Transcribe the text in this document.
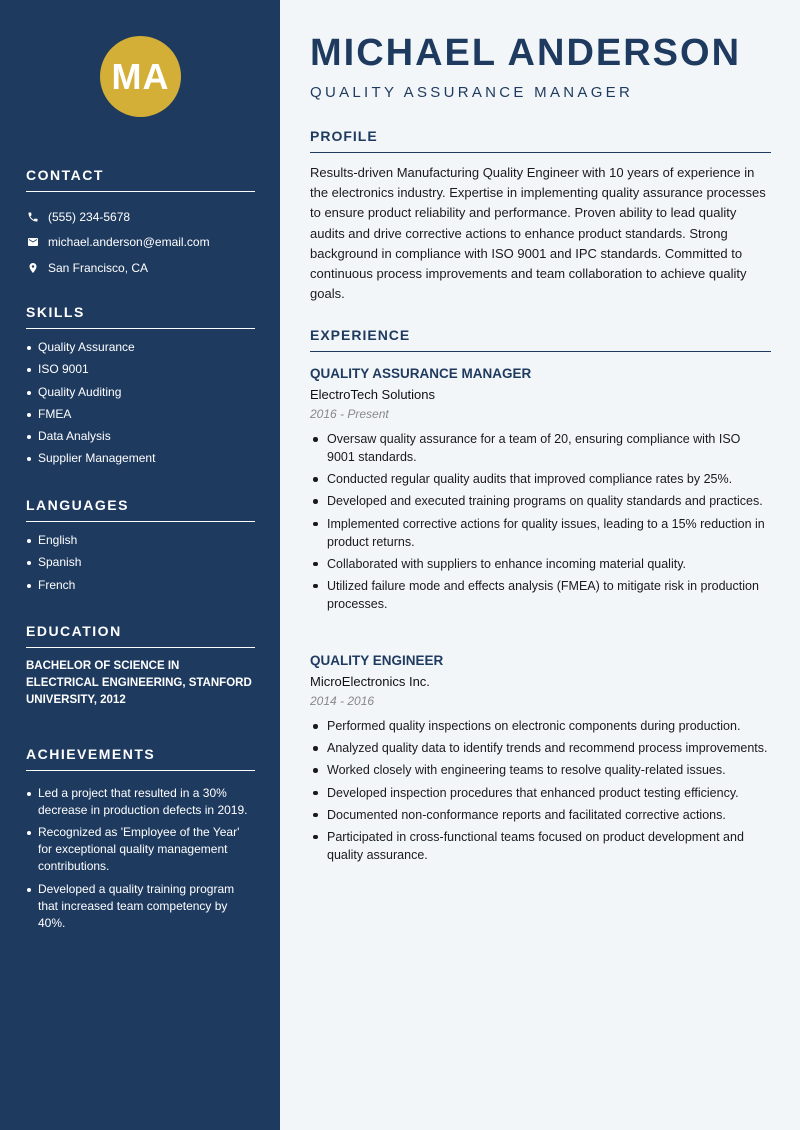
MA
CONTACT
(555) 234-5678
michael.anderson@email.com
San Francisco, CA
SKILLS
Quality Assurance
ISO 9001
Quality Auditing
FMEA
Data Analysis
Supplier Management
LANGUAGES
English
Spanish
French
EDUCATION

BACHELOR OF SCIENCE IN ELECTRICAL ENGINEERING, STANFORD UNIVERSITY, 2012

ACHIEVEMENTS
Led a project that resulted in a 30% decrease in production defects in 2019.
Recognized as 'Employee of the Year' for exceptional quality management contributions.
Developed a quality training program that increased team competency by 40%.
MICHAEL ANDERSON
QUALITY ASSURANCE MANAGER
PROFILE

Results-driven Manufacturing Quality Engineer with 10 years of experience in the electronics industry. Expertise in implementing quality assurance processes to ensure product reliability and performance. Proven ability to lead quality audits and drive corrective actions to enhance product standards. Strong background in compliance with ISO 9001 and IPC standards. Committed to continuous process improvements and team collaboration to achieve quality goals.

EXPERIENCE
QUALITY ASSURANCE MANAGER
ElectroTech Solutions
2016 - Present
Oversaw quality assurance for a team of 20, ensuring compliance with ISO 9001 standards.
Conducted regular quality audits that improved compliance rates by 25%.
Developed and executed training programs on quality standards and practices.
Implemented corrective actions for quality issues, leading to a 15% reduction in product returns.
Collaborated with suppliers to enhance incoming material quality.
Utilized failure mode and effects analysis (FMEA) to mitigate risk in production processes.
QUALITY ENGINEER
MicroElectronics Inc.
2014 - 2016
Performed quality inspections on electronic components during production.
Analyzed quality data to identify trends and recommend process improvements.
Worked closely with engineering teams to resolve quality-related issues.
Developed inspection procedures that enhanced product testing efficiency.
Documented non-conformance reports and facilitated corrective actions.
Participated in cross-functional teams focused on product development and quality assurance.
